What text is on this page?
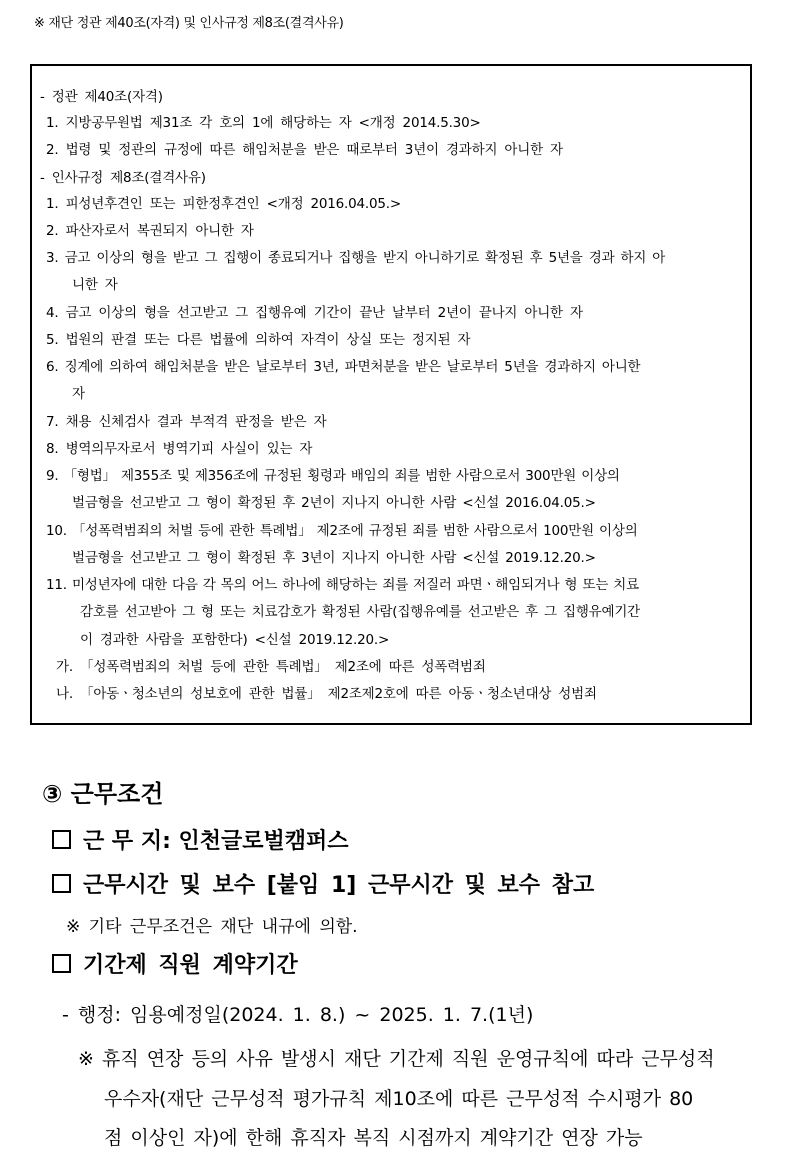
※ 재단 정관 제40조(자격) 및 인사규정 제8조(결격사유)
- 정관 제40조(자격)
1. 지방공무원법 제31조 각 호의 1에 해당하는 자 <개정 2014.5.30>
2. 법령 및 정관의 규정에 따른 해임처분을 받은 때로부터 3년이 경과하지 아니한 자
- 인사규정 제8조(결격사유)
1. 피성년후견인 또는 피한정후견인 <개정 2016.04.05.>
2. 파산자로서 복권되지 아니한 자
3. 금고 이상의 형을 받고 그 집행이 종료되거나 집행을 받지 아니하기로 확정된 후 5년을 경과 하지 아
니한 자
4. 금고 이상의 형을 선고받고 그 집행유예 기간이 끝난 날부터 2년이 끝나지 아니한 자
5. 법원의 판결 또는 다른 법률에 의하여 자격이 상실 또는 정지된 자
6. 징계에 의하여 해임처분을 받은 날로부터 3년, 파면처분을 받은 날로부터 5년을 경과하지 아니한
자
7. 채용 신체검사 결과 부적격 판정을 받은 자
8. 병역의무자로서 병역기피 사실이 있는 자
9. 「형법」 제355조 및 제356조에 규정된 횡령과 배임의 죄를 범한 사람으로서 300만원 이상의
벌금형을 선고받고 그 형이 확정된 후 2년이 지나지 아니한 사람 <신설 2016.04.05.>
10. 「성폭력범죄의 처벌 등에 관한 특례법」 제2조에 규정된 죄를 범한 사람으로서 100만원 이상의
벌금형을 선고받고 그 형이 확정된 후 3년이 지나지 아니한 사람 <신설 2019.12.20.>
11. 미성년자에 대한 다음 각 목의 어느 하나에 해당하는 죄를 저질러 파면ㆍ해임되거나 형 또는 치료
감호를 선고받아 그 형 또는 치료감호가 확정된 사람(집행유예를 선고받은 후 그 집행유예기간
이 경과한 사람을 포함한다) <신설 2019.12.20.>
가. 「성폭력범죄의 처벌 등에 관한 특례법」 제2조에 따른 성폭력범죄
나. 「아동ㆍ청소년의 성보호에 관한 법률」 제2조제2호에 따른 아동ㆍ청소년대상 성범죄
③ 근무조건
근 무 지: 인천글로벌캠퍼스
근무시간 및 보수 [붙임 1] 근무시간 및 보수 참고
※ 기타 근무조건은 재단 내규에 의함.
기간제 직원 계약기간
- 행정: 임용예정일(2024. 1. 8.) ~ 2025. 1. 7.(1년)
※ 휴직 연장 등의 사유 발생시 재단 기간제 직원 운영규칙에 따라 근무성적
우수자(재단 근무성적 평가규칙 제10조에 따른 근무성적 수시평가 80
점 이상인 자)에 한해 휴직자 복직 시점까지 계약기간 연장 가능
